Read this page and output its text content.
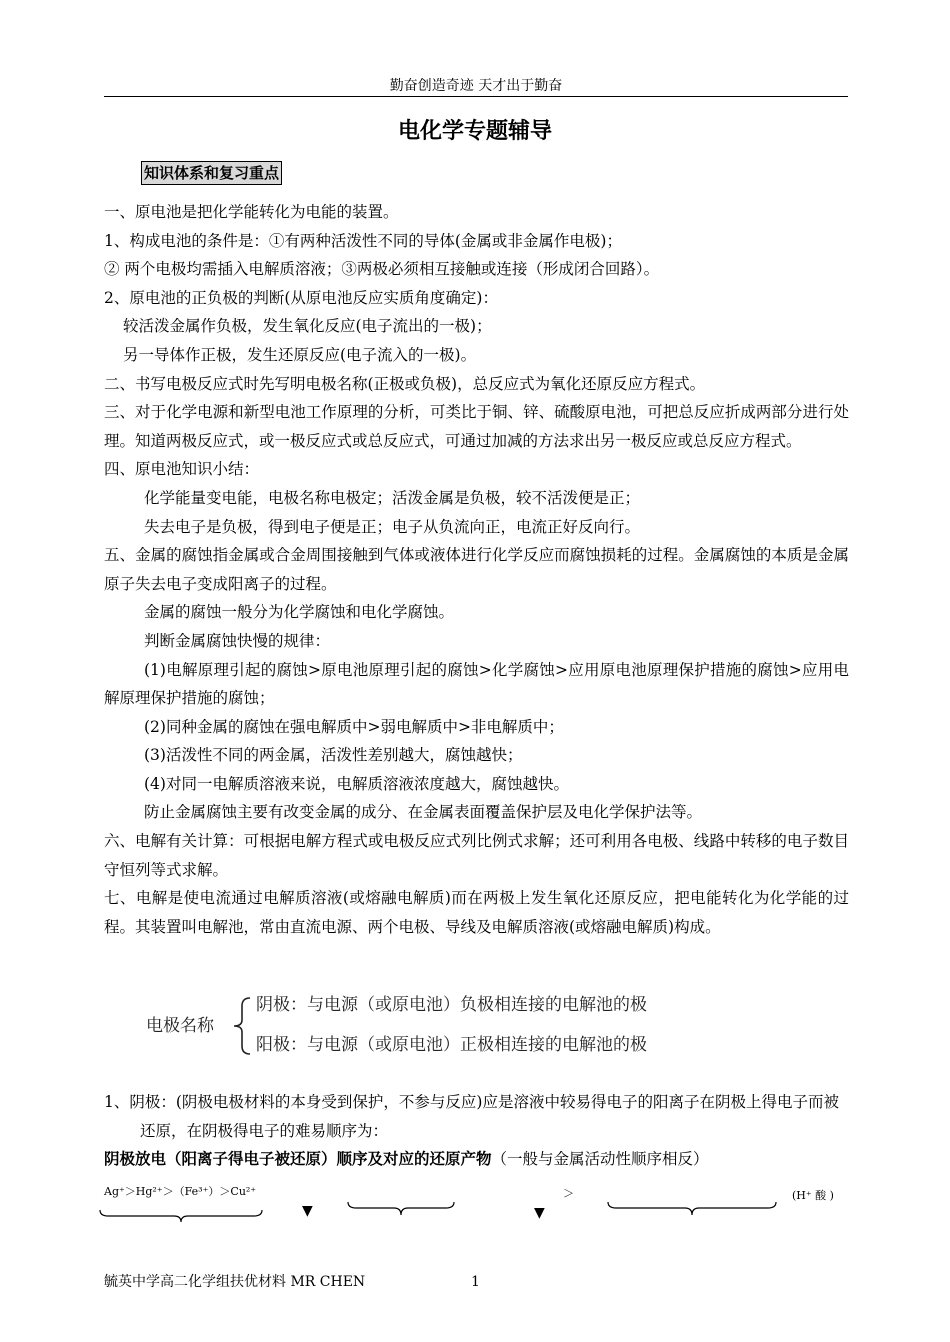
勤奋创造奇迹 天才出于勤奋
电化学专题辅导
知识体系和复习重点

一、原电池是把化学能转化为电能的装置。

1、构成电池的条件是：①有两种活泼性不同的导体(金属或非金属作电极)；

② 两个电极均需插入电解质溶液；③两极必须相互接触或连接（形成闭合回路）。

2、原电池的正负极的判断(从原电池反应实质角度确定)：

较活泼金属作负极，发生氧化反应(电子流出的一极)；

另一导体作正极，发生还原反应(电子流入的一极)。

二、书写电极反应式时先写明电极名称(正极或负极)，总反应式为氧化还原反应方程式。

三、对于化学电源和新型电池工作原理的分析，可类比于铜、锌、硫酸原电池，可把总反应折成两部分进行处理。知道两极反应式，或一极反应式或总反应式，可通过加减的方法求出另一极反应或总反应方程式。

四、原电池知识小结：

化学能量变电能，电极名称电极定；活泼金属是负极，较不活泼便是正；

失去电子是负极，得到电子便是正；电子从负流向正，电流正好反向行。

五、金属的腐蚀指金属或合金周围接触到气体或液体进行化学反应而腐蚀损耗的过程。金属腐蚀的本质是金属原子失去电子变成阳离子的过程。

金属的腐蚀一般分为化学腐蚀和电化学腐蚀。

判断金属腐蚀快慢的规律：

(1)电解原理引起的腐蚀>原电池原理引起的腐蚀>化学腐蚀>应用原电池原理保护措施的腐蚀>应用电解原理保护措施的腐蚀；

(2)同种金属的腐蚀在强电解质中>弱电解质中>非电解质中；

(3)活泼性不同的两金属，活泼性差别越大，腐蚀越快；

(4)对同一电解质溶液来说，电解质溶液浓度越大，腐蚀越快。

防止金属腐蚀主要有改变金属的成分、在金属表面覆盖保护层及电化学保护法等。

六、电解有关计算：可根据电解方程式或电极反应式列比例式求解；还可利用各电极、线路中转移的电子数目守恒列等式求解。

七、电解是使电流通过电解质溶液(或熔融电解质)而在两极上发生氧化还原反应，把电能转化为化学能的过程。其装置叫电解池，常由直流电源、两个电极、导线及电解质溶液(或熔融电解质)构成。

电极名称
阴极：与电源（或原电池）负极相连接的电解池的极
阳极：与电源（或原电池）正极相连接的电解池的极

1、阴极：(阴极电极材料的本身受到保护，不参与反应)应是溶液中较易得电子的阳离子在阴极上得电子而被还原，在阴极得电子的难易顺序为：

阴极放电（阳离子得电子被还原）顺序及对应的还原产物（一般与金属活动性顺序相反）

Ag⁺＞Hg²⁺＞（Fe³⁺）＞Cu²⁺
▼	▼
＞	(H⁺ 酸 )
毓英中学高二化学组扶优材料 MR CHEN	1
